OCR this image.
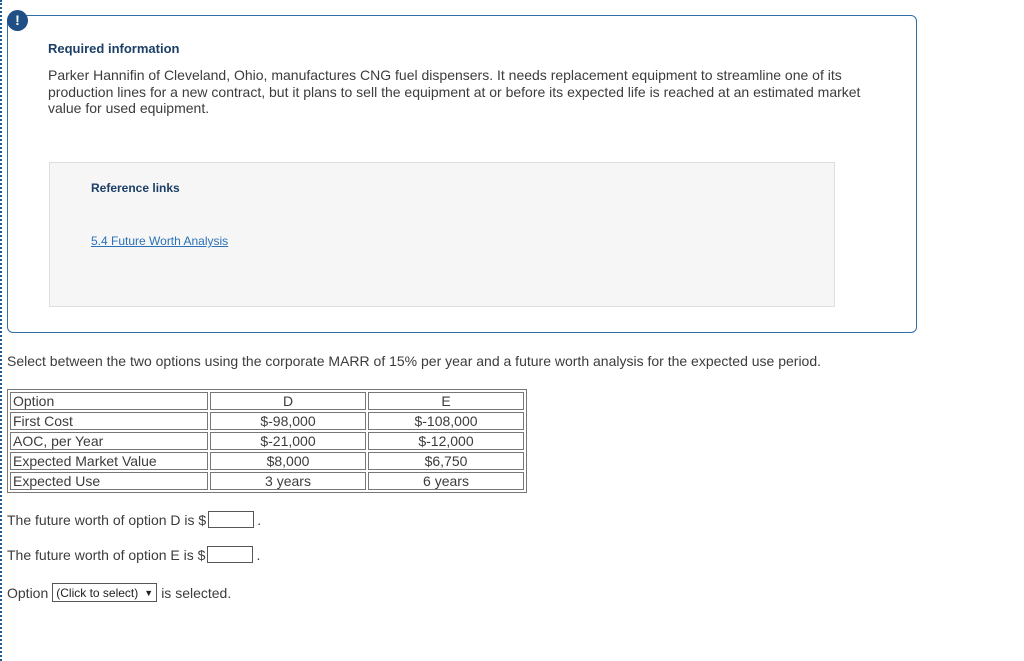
!
Required information
Parker Hannifin of Cleveland, Ohio, manufactures CNG fuel dispensers. It needs replacement equipment to streamline one of its production lines for a new contract, but it plans to sell the equipment at or before its expected life is reached at an estimated market value for used equipment.
Reference links
5.4 Future Worth Analysis
Select between the two options using the corporate MARR of 15% per year and a future worth analysis for the expected use period.
Option	D	E
First Cost	$-98,000	$-108,000
AOC, per Year	$-21,000	$-12,000
Expected Market Value	$8,000	$6,750
Expected Use	3 years	6 years
The future worth of option D is $	.
The future worth of option E is $	.
Option (Click to select) ▼ is selected.
